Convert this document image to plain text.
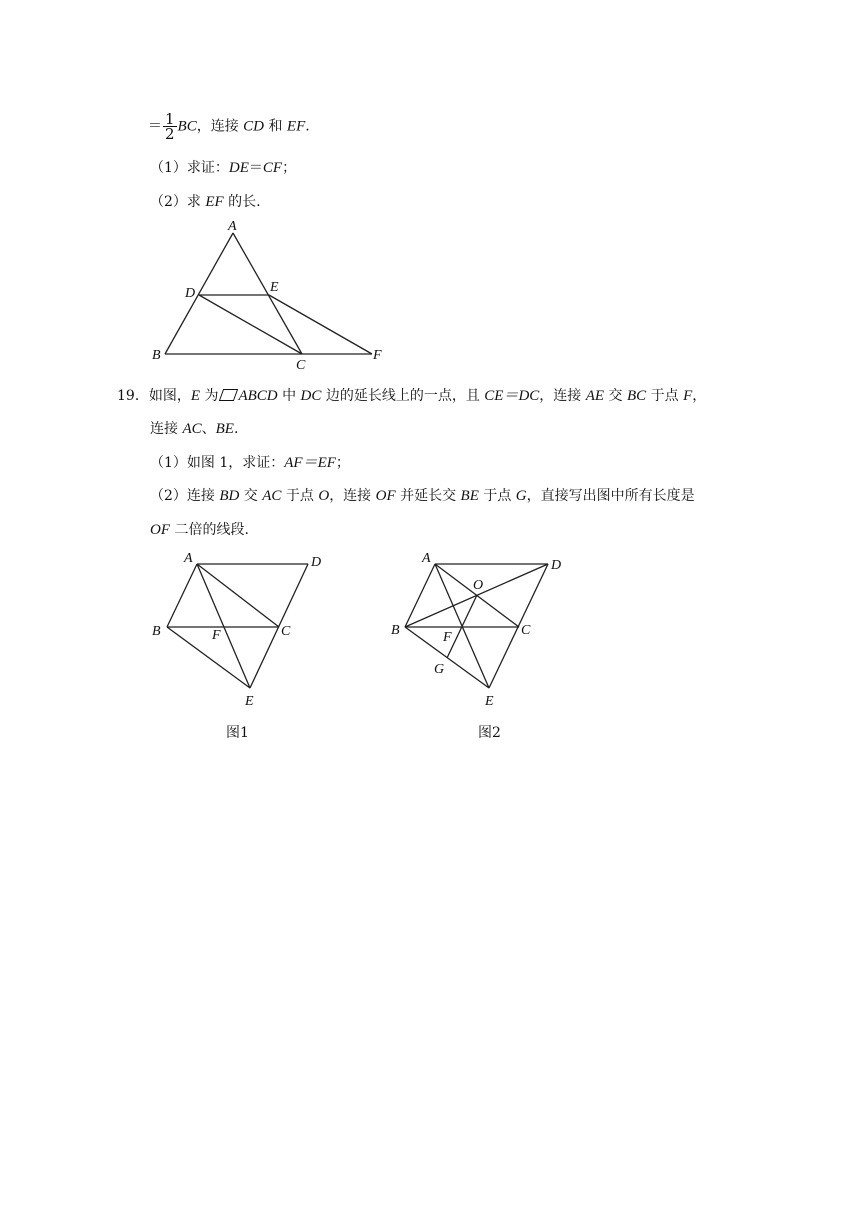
＝ $\frac{1}{2}$ BC，连接 CD 和 EF.
（1）求证：DE＝CF；
（2）求 EF 的长.
A
B
C
D	E
F
19．如图，E 为 ABCD 中 DC 边的延长线上的一点，且 CE＝DC，连接 AE 交 BC 于点 F，
连接 AC、BE.
（1）如图 1，求证：AF＝EF；
（2）连接 BD 交 AC 于点 O，连接 OF 并延长交 BE 于点 G，直接写出图中所有长度是
OF 二倍的线段.
A	D
B	F	C
E
图1
A	D
O
B	F	C
G
E
图2
